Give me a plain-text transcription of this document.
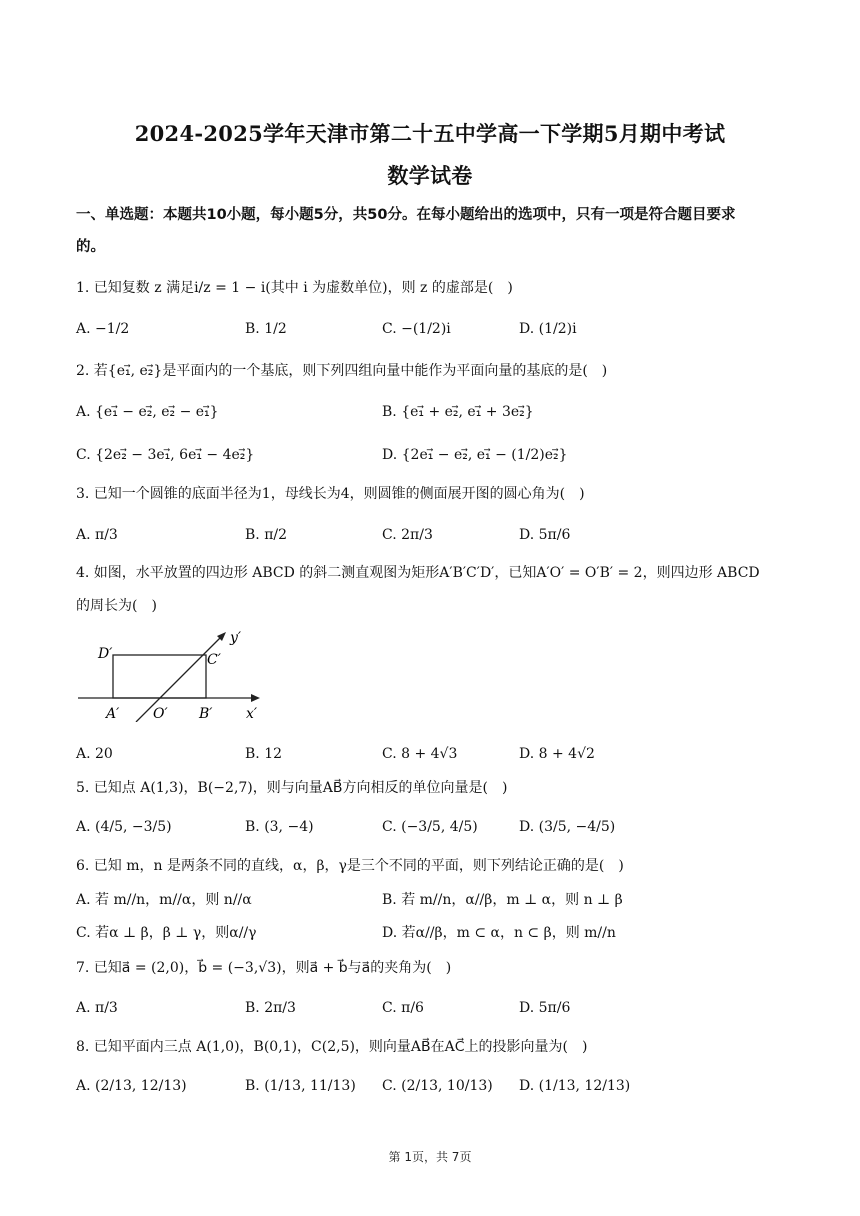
2024-2025学年天津市第二十五中学高一下学期5月期中考试
数学试卷
一、单选题：本题共10小题，每小题5分，共50分。在每小题给出的选项中，只有一项是符合题目要求
的。
1. 已知复数 z 满足i/z = 1 − i(其中 i 为虚数单位)，则 z 的虚部是(　)
A. −1/2	B. 1/2	C. −(1/2)i	D. (1/2)i
2. 若{e₁⃗, e₂⃗}是平面内的一个基底，则下列四组向量中能作为平面向量的基底的是(　)
A. {e₁⃗ − e₂⃗, e₂⃗ − e₁⃗}	B. {e₁⃗ + e₂⃗, e₁⃗ + 3e₂⃗}
C. {2e₂⃗ − 3e₁⃗, 6e₁⃗ − 4e₂⃗}	D. {2e₁⃗ − e₂⃗, e₁⃗ − (1/2)e₂⃗}
3. 已知一个圆锥的底面半径为1，母线长为4，则圆锥的侧面展开图的圆心角为(　)
A. π/3	B. π/2	C. 2π/3	D. 5π/6
4. 如图，水平放置的四边形 ABCD 的斜二测直观图为矩形A′B′C′D′，已知A′O′ = O′B′ = 2，则四边形 ABCD
的周长为(　)
D′	C′
y′
A′ O′ B′ x′
A. 20	B. 12	C. 8 + 4√3	D. 8 + 4√2
5. 已知点 A(1,3)，B(−2,7)，则与向量AB⃗方向相反的单位向量是(　)
A. (4/5, −3/5)	B. (3, −4)	C. (−3/5, 4/5)	D. (3/5, −4/5)
6. 已知 m，n 是两条不同的直线，α，β，γ是三个不同的平面，则下列结论正确的是(　)
A. 若 m//n，m//α，则 n//α	B. 若 m//n，α//β，m ⊥ α，则 n ⊥ β
C. 若α ⊥ β，β ⊥ γ，则α//γ	D. 若α//β，m ⊂ α，n ⊂ β，则 m//n
7. 已知a⃗ = (2,0)，b⃗ = (−3,√3)，则a⃗ + b⃗与a⃗的夹角为(　)
A. π/3	B. 2π/3	C. π/6	D. 5π/6
8. 已知平面内三点 A(1,0)，B(0,1)，C(2,5)，则向量AB⃗在AC⃗上的投影向量为(　)
A. (2/13, 12/13)	B. (1/13, 11/13) C. (2/13, 10/13) D. (1/13, 12/13)
第 1页，共 7页
